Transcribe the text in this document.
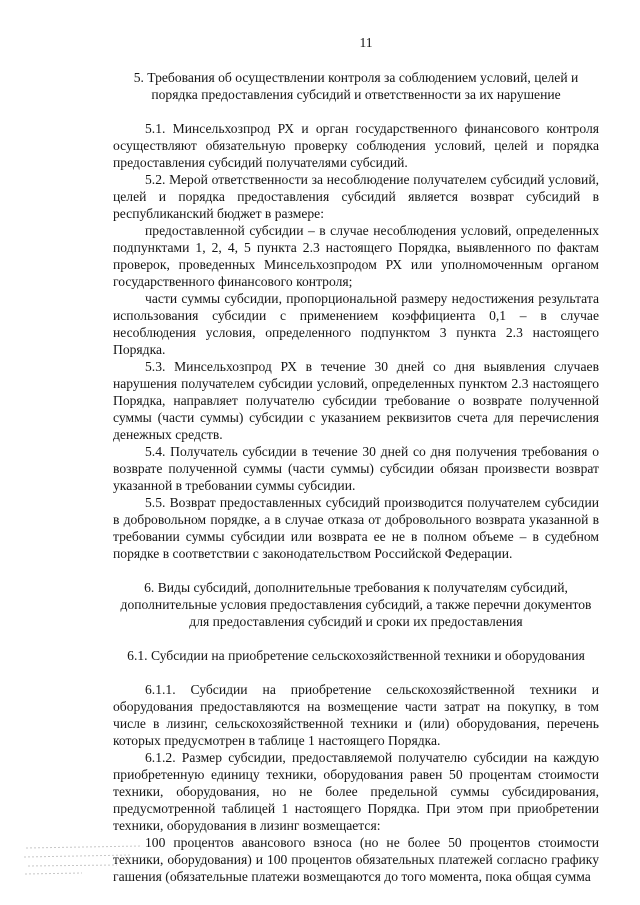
11
5. Требования об осуществлении контроля за соблюдением условий, целей и порядка предоставления субсидий и ответственности за их нарушение

5.1. Минсельхозпрод РХ и орган государственного финансового контроля осуществляют обязательную проверку соблюдения условий, целей и порядка предоставления субсидий получателями субсидий.

5.2. Мерой ответственности за несоблюдение получателем субсидий условий, целей и порядка предоставления субсидий является возврат субсидий в республиканский бюджет в размере:

предоставленной субсидии – в случае несоблюдения условий, определенных подпунктами 1, 2, 4, 5 пункта 2.3 настоящего Порядка, выявленного по фактам проверок, проведенных Минсельхозпродом РХ или уполномоченным органом государственного финансового контроля;

части суммы субсидии, пропорциональной размеру недостижения результата использования субсидии с применением коэффициента 0,1 – в случае несоблюдения условия, определенного подпунктом 3 пункта 2.3 настоящего Порядка.

5.3. Минсельхозпрод РХ в течение 30 дней со дня выявления случаев нарушения получателем субсидии условий, определенных пунктом 2.3 настоящего Порядка, направляет получателю субсидии требование о возврате полученной суммы (части суммы) субсидии с указанием реквизитов счета для перечисления денежных средств.

5.4. Получатель субсидии в течение 30 дней со дня получения требования о возврате полученной суммы (части суммы) субсидии обязан произвести возврат указанной в требовании суммы субсидии.

5.5. Возврат предоставленных субсидий производится получателем субсидии в добровольном порядке, а в случае отказа от добровольного возврата указанной в требовании суммы субсидии или возврата ее не в полном объеме – в судебном порядке в соответствии с законодательством Российской Федерации.

6. Виды субсидий, дополнительные требования к получателям субсидий, дополнительные условия предоставления субсидий, а также перечни документов для предоставления субсидий и сроки их предоставления
6.1. Субсидии на приобретение сельскохозяйственной техники и оборудования

6.1.1. Субсидии на приобретение сельскохозяйственной техники и оборудования предоставляются на возмещение части затрат на покупку, в том числе в лизинг, сельскохозяйственной техники и (или) оборудования, перечень которых предусмотрен в таблице 1 настоящего Порядка.

6.1.2. Размер субсидии, предоставляемой получателю субсидии на каждую приобретенную единицу техники, оборудования равен 50 процентам стоимости техники, оборудования, но не более предельной суммы субсидирования, предусмотренной таблицей 1 настоящего Порядка. При этом при приобретении техники, оборудования в лизинг возмещается:

100 процентов авансового взноса (но не более 50 процентов стоимости техники, оборудования) и 100 процентов обязательных платежей согласно графику гашения (обязательные платежи возмещаются до того момента, пока общая сумма
